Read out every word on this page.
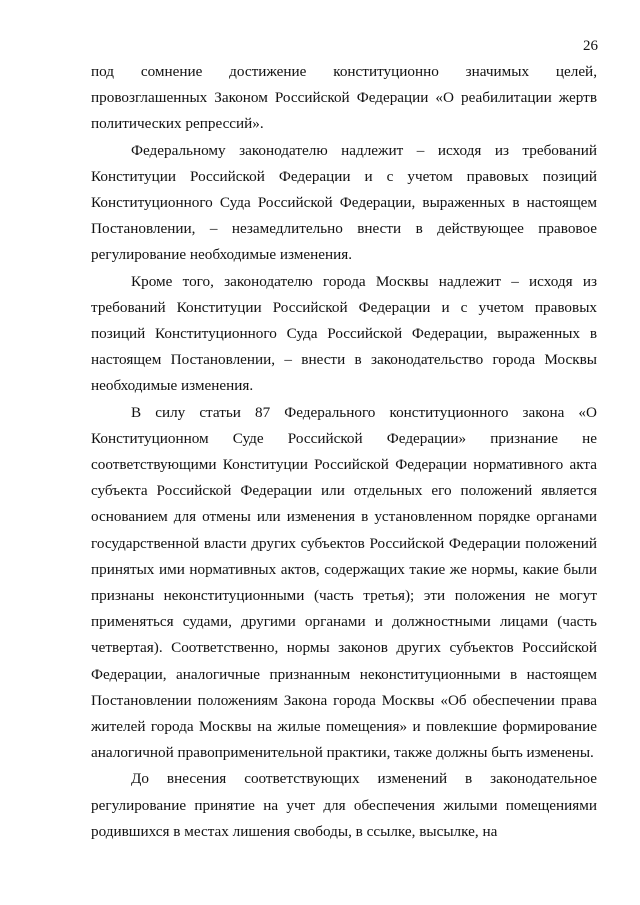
26

под сомнение достижение конституционно значимых целей, провозглашенных Законом Российской Федерации «О реабилитации жертв политических репрессий».

Федеральному законодателю надлежит – исходя из требований Конституции Российской Федерации и с учетом правовых позиций Конституционного Суда Российской Федерации, выраженных в настоящем Постановлении, – незамедлительно внести в действующее правовое регулирование необходимые изменения.

Кроме того, законодателю города Москвы надлежит – исходя из требований Конституции Российской Федерации и с учетом правовых позиций Конституционного Суда Российской Федерации, выраженных в настоящем Постановлении, – внести в законодательство города Москвы необходимые изменения.

В силу статьи 87 Федерального конституционного закона «О Конституционном Суде Российской Федерации» признание не соответствующими Конституции Российской Федерации нормативного акта субъекта Российской Федерации или отдельных его положений является основанием для отмены или изменения в установленном порядке органами государственной власти других субъектов Российской Федерации положений принятых ими нормативных актов, содержащих такие же нормы, какие были признаны неконституционными (часть третья); эти положения не могут применяться судами, другими органами и должностными лицами (часть четвертая). Соответственно, нормы законов других субъектов Российской Федерации, аналогичные признанным неконституционными в настоящем Постановлении положениям Закона города Москвы «Об обеспечении права жителей города Москвы на жилые помещения» и повлекшие формирование аналогичной правоприменительной практики, также должны быть изменены.

До внесения соответствующих изменений в законодательное регулирование принятие на учет для обеспечения жилыми помещениями родившихся в местах лишения свободы, в ссылке, высылке, на
